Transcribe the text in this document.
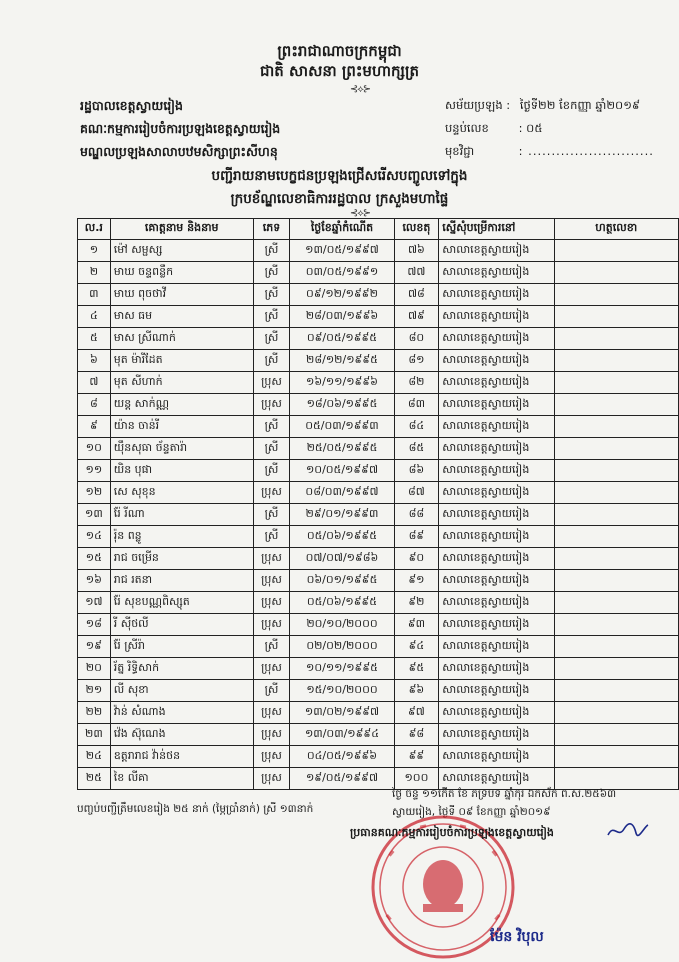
ព្រះរាជាណាចក្រកម្ពុជា
ជាតិ សាសនា ព្រះមហាក្សត្រ
⊰⟡⊱
រដ្ឋបាលខេត្តស្វាយរៀង
គណៈកម្មការរៀបចំការប្រឡងខេត្តស្វាយរៀង
មណ្ឌលប្រឡងសាលាបឋមសិក្សាព្រះសីហនុ
សម័យប្រឡង : ថ្ងៃទី២២ ខែកញ្ញា ឆ្នាំ២០១៩
បន្ទប់លេខ	: ០៥
មុខវិជ្ជា	: ...........................
បញ្ជីរាយនាមបេក្ខជនប្រឡងជ្រើសរើសបញ្ចូលទៅក្នុង
ក្របខ័ណ្ឌលេខាធិការរដ្ឋបាល ក្រសួងមហាផ្ទៃ
⊰⟡⊱
ល.រ	គោត្តនាម និងនាម	ភេទ	ថ្ងៃខែឆ្នាំកំណើត	លេខតុ	ស្នើសុំបម្រើការនៅ	ហត្ថលេខា
១	ម៉ៅ សម្ផស្ស	ស្រី	១៣/០៥/១៩៩៧	៧៦	សាលាខេត្តស្វាយរៀង	
២	មាឃ ចន្ទពន្លឺក	ស្រី	០៣/០៥/១៩៩១	៧៧	សាលាខេត្តស្វាយរៀង	
៣	មាឃ ពុចថាវី	ស្រី	០៩/១២/១៩៩២	៧៨	សាលាខេត្តស្វាយរៀង	
៤	មាស ធម	ស្រី	២៨/០៣/១៩៩៦	៧៩	សាលាខេត្តស្វាយរៀង	
៥	មាស ស្រីណាក់	ស្រី	០៩/០៥/១៩៩៥	៨០	សាលាខេត្តស្វាយរៀង	
៦	មុត ម៉ារីដែត	ស្រី	២៨/១២/១៩៩៥	៨១	សាលាខេត្តស្វាយរៀង	
៧	មុត សីហាក់	ប្រុស	១៦/១១/១៩៩៦	៨២	សាលាខេត្តស្វាយរៀង	
៨	យន្ត សាក់ណ្ណ	ប្រុស	១៨/០៦/១៩៩៥	៨៣	សាលាខេត្តស្វាយរៀង	
៩	យ៉ាន ចាន់រី	ស្រី	០៥/០៣/១៩៩៣	៨៤	សាលាខេត្តស្វាយរៀង	
១០	យ៉ឹនសុធា ច័ន្ទតារ៉ា	ស្រី	២៥/០៥/១៩៩៥	៨៥	សាលាខេត្តស្វាយរៀង	
១១	យិន បុផា	ស្រី	១០/០៥/១៩៩៧	៨៦	សាលាខេត្តស្វាយរៀង	
១២	សេ សុខុន	ប្រុស	០៨/០៣/១៩៩៧	៨៧	សាលាខេត្តស្វាយរៀង	
១៣	រ៉ែ រីណា	ស្រី	២៩/០១/១៩៩៣	៨៨	សាលាខេត្តស្វាយរៀង	
១៤	រ៉ុន ពន្លូ	ស្រី	០៥/០៦/១៩៩៥	៨៩	សាលាខេត្តស្វាយរៀង	
១៥	រាជ ចម្រើន	ប្រុស	០៧/០៧/១៩៨៦	៩០	សាលាខេត្តស្វាយរៀង	
១៦	រាជ រតនា	ប្រុស	០៦/០១/១៩៩៥	៩១	សាលាខេត្តស្វាយរៀង	
១៧	រ៉ែ សុខបណ្ណពិស្សុត	ប្រុស	០៥/០៦/១៩៩៥	៩២	សាលាខេត្តស្វាយរៀង	
១៨	រី ស៊ីថលី	ប្រុស	២០/១០/២០០០	៩៣	សាលាខេត្តស្វាយរៀង	
១៩	រ៉ែ ស្រីរ៉ា	ស្រី	០២/០២/២០០០	៩៤	សាលាខេត្តស្វាយរៀង	
២០	រ័ត្ន រិទ្ធិសាក់	ប្រុស	១០/១១/១៩៩៥	៩៥	សាលាខេត្តស្វាយរៀង	
២១	លី សុខា	ស្រី	១៥/១០/២០០០	៩៦	សាលាខេត្តស្វាយរៀង	
២២	វ៉ាន់ សំណាង	ប្រុស	១៣/០២/១៩៩៧	៩៧	សាលាខេត្តស្វាយរៀង	
២៣	វ៉េង ស៊ុណេង	ប្រុស	១៣/០៣/១៩៩៤	៩៨	សាលាខេត្តស្វាយរៀង	
២៤	ឧត្តរារាជ វ៉ាន់ថន	ប្រុស	០៤/០៥/១៩៩៦	៩៩	សាលាខេត្តស្វាយរៀង	
២៥	ខៃ លីគា	ប្រុស	១៩/០៥/១៩៩៧	១០០	សាលាខេត្តស្វាយរៀង	
បញ្ចប់បញ្ជីត្រឹមលេខរៀង ២៥ នាក់ (ម្ភៃប្រាំនាក់) ស្រី ១៣នាក់
ថ្ងៃ ចន្ទ ១១កើត ខែ ភទ្របទ ឆ្នាំកុរ ឯកស័ក ព.ស.២៥៦៣
ស្វាយរៀង, ថ្ងៃទី ០៩ ខែកញ្ញា ឆ្នាំ២០១៩
ប្រធានគណៈកម្មការរៀបចំការប្រឡងខេត្តស្វាយរៀង
ម៉ែន វិបុល
